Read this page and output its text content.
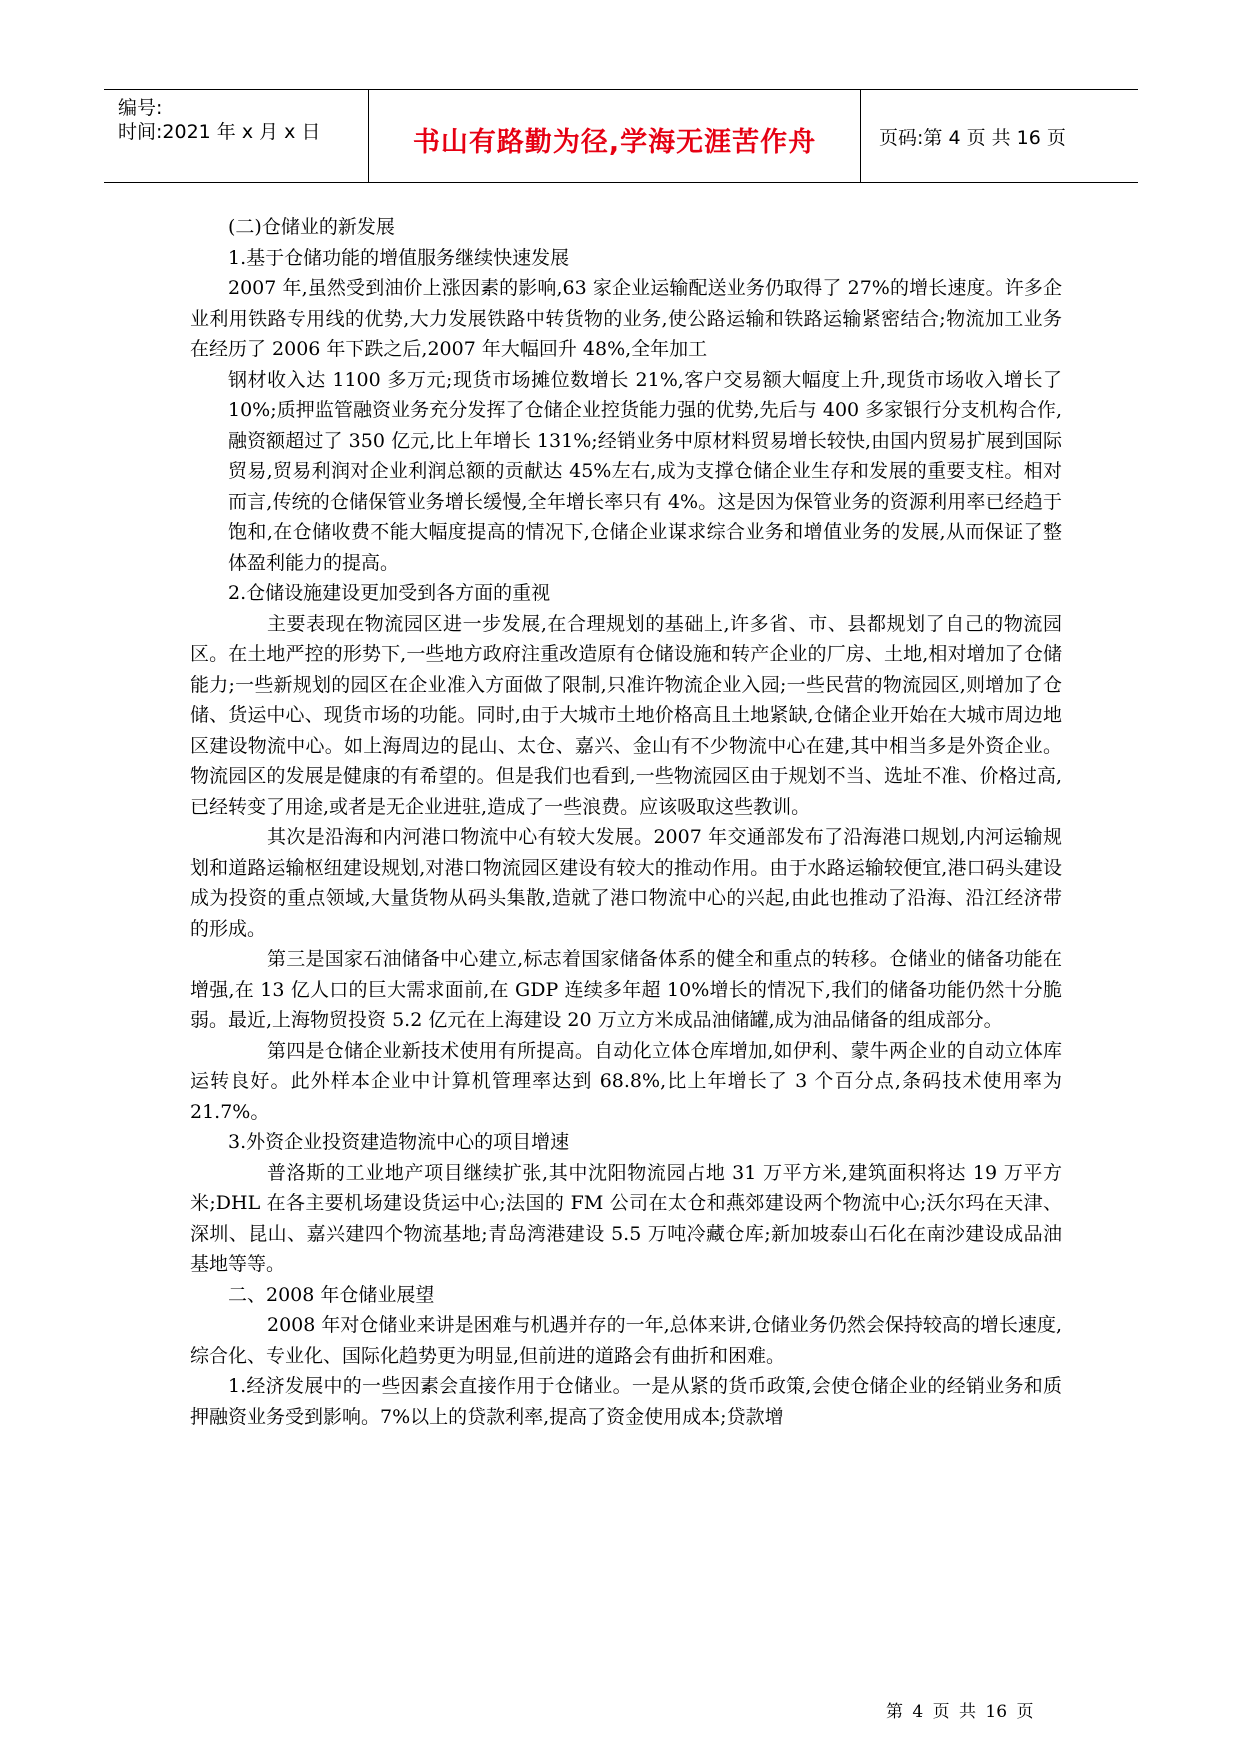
编号:
时间:2021 年 x 月 x 日	书山有路勤为径,学海无涯苦作舟	页码:第 4 页 共 16 页

(二)仓储业的新发展

1.基于仓储功能的增值服务继续快速发展

2007 年,虽然受到油价上涨因素的影响,63 家企业运输配送业务仍取得了 27%的增长速度。许多企业利用铁路专用线的优势,大力发展铁路中转货物的业务,使公路运输和铁路运输紧密结合;物流加工业务在经历了 2006 年下跌之后,2007 年大幅回升 48%,全年加工

钢材收入达 1100 多万元;现货市场摊位数增长 21%,客户交易额大幅度上升,现货市场收入增长了 10%;质押监管融资业务充分发挥了仓储企业控货能力强的优势,先后与 400 多家银行分支机构合作,融资额超过了 350 亿元,比上年增长 131%;经销业务中原材料贸易增长较快,由国内贸易扩展到国际贸易,贸易利润对企业利润总额的贡献达 45%左右,成为支撑仓储企业生存和发展的重要支柱。相对而言,传统的仓储保管业务增长缓慢,全年增长率只有 4%。这是因为保管业务的资源利用率已经趋于饱和,在仓储收费不能大幅度提高的情况下,仓储企业谋求综合业务和增值业务的发展,从而保证了整体盈利能力的提高。

2.仓储设施建设更加受到各方面的重视

主要表现在物流园区进一步发展,在合理规划的基础上,许多省、市、县都规划了自己的物流园区。在土地严控的形势下,一些地方政府注重改造原有仓储设施和转产企业的厂房、土地,相对增加了仓储能力;一些新规划的园区在企业准入方面做了限制,只准许物流企业入园;一些民营的物流园区,则增加了仓储、货运中心、现货市场的功能。同时,由于大城市土地价格高且土地紧缺,仓储企业开始在大城市周边地区建设物流中心。如上海周边的昆山、太仓、嘉兴、金山有不少物流中心在建,其中相当多是外资企业。物流园区的发展是健康的有希望的。但是我们也看到,一些物流园区由于规划不当、选址不准、价格过高,已经转变了用途,或者是无企业进驻,造成了一些浪费。应该吸取这些教训。

其次是沿海和内河港口物流中心有较大发展。2007 年交通部发布了沿海港口规划,内河运输规划和道路运输枢纽建设规划,对港口物流园区建设有较大的推动作用。由于水路运输较便宜,港口码头建设成为投资的重点领域,大量货物从码头集散,造就了港口物流中心的兴起,由此也推动了沿海、沿江经济带的形成。

第三是国家石油储备中心建立,标志着国家储备体系的健全和重点的转移。仓储业的储备功能在增强,在 13 亿人口的巨大需求面前,在 GDP 连续多年超 10%增长的情况下,我们的储备功能仍然十分脆弱。最近,上海物贸投资 5.2 亿元在上海建设 20 万立方米成品油储罐,成为油品储备的组成部分。

第四是仓储企业新技术使用有所提高。自动化立体仓库增加,如伊利、蒙牛两企业的自动立体库运转良好。此外样本企业中计算机管理率达到 68.8%,比上年增长了 3 个百分点,条码技术使用率为 21.7%。

3.外资企业投资建造物流中心的项目增速

普洛斯的工业地产项目继续扩张,其中沈阳物流园占地 31 万平方米,建筑面积将达 19 万平方米;DHL 在各主要机场建设货运中心;法国的 FM 公司在太仓和燕郊建设两个物流中心;沃尔玛在天津、深圳、昆山、嘉兴建四个物流基地;青岛湾港建设 5.5 万吨冷藏仓库;新加坡泰山石化在南沙建设成品油基地等等。

二、2008 年仓储业展望

2008 年对仓储业来讲是困难与机遇并存的一年,总体来讲,仓储业务仍然会保持较高的增长速度,综合化、专业化、国际化趋势更为明显,但前进的道路会有曲折和困难。

1.经济发展中的一些因素会直接作用于仓储业。一是从紧的货币政策,会使仓储企业的经销业务和质押融资业务受到影响。7%以上的贷款利率,提高了资金使用成本;贷款增

第 4 页 共 16 页
